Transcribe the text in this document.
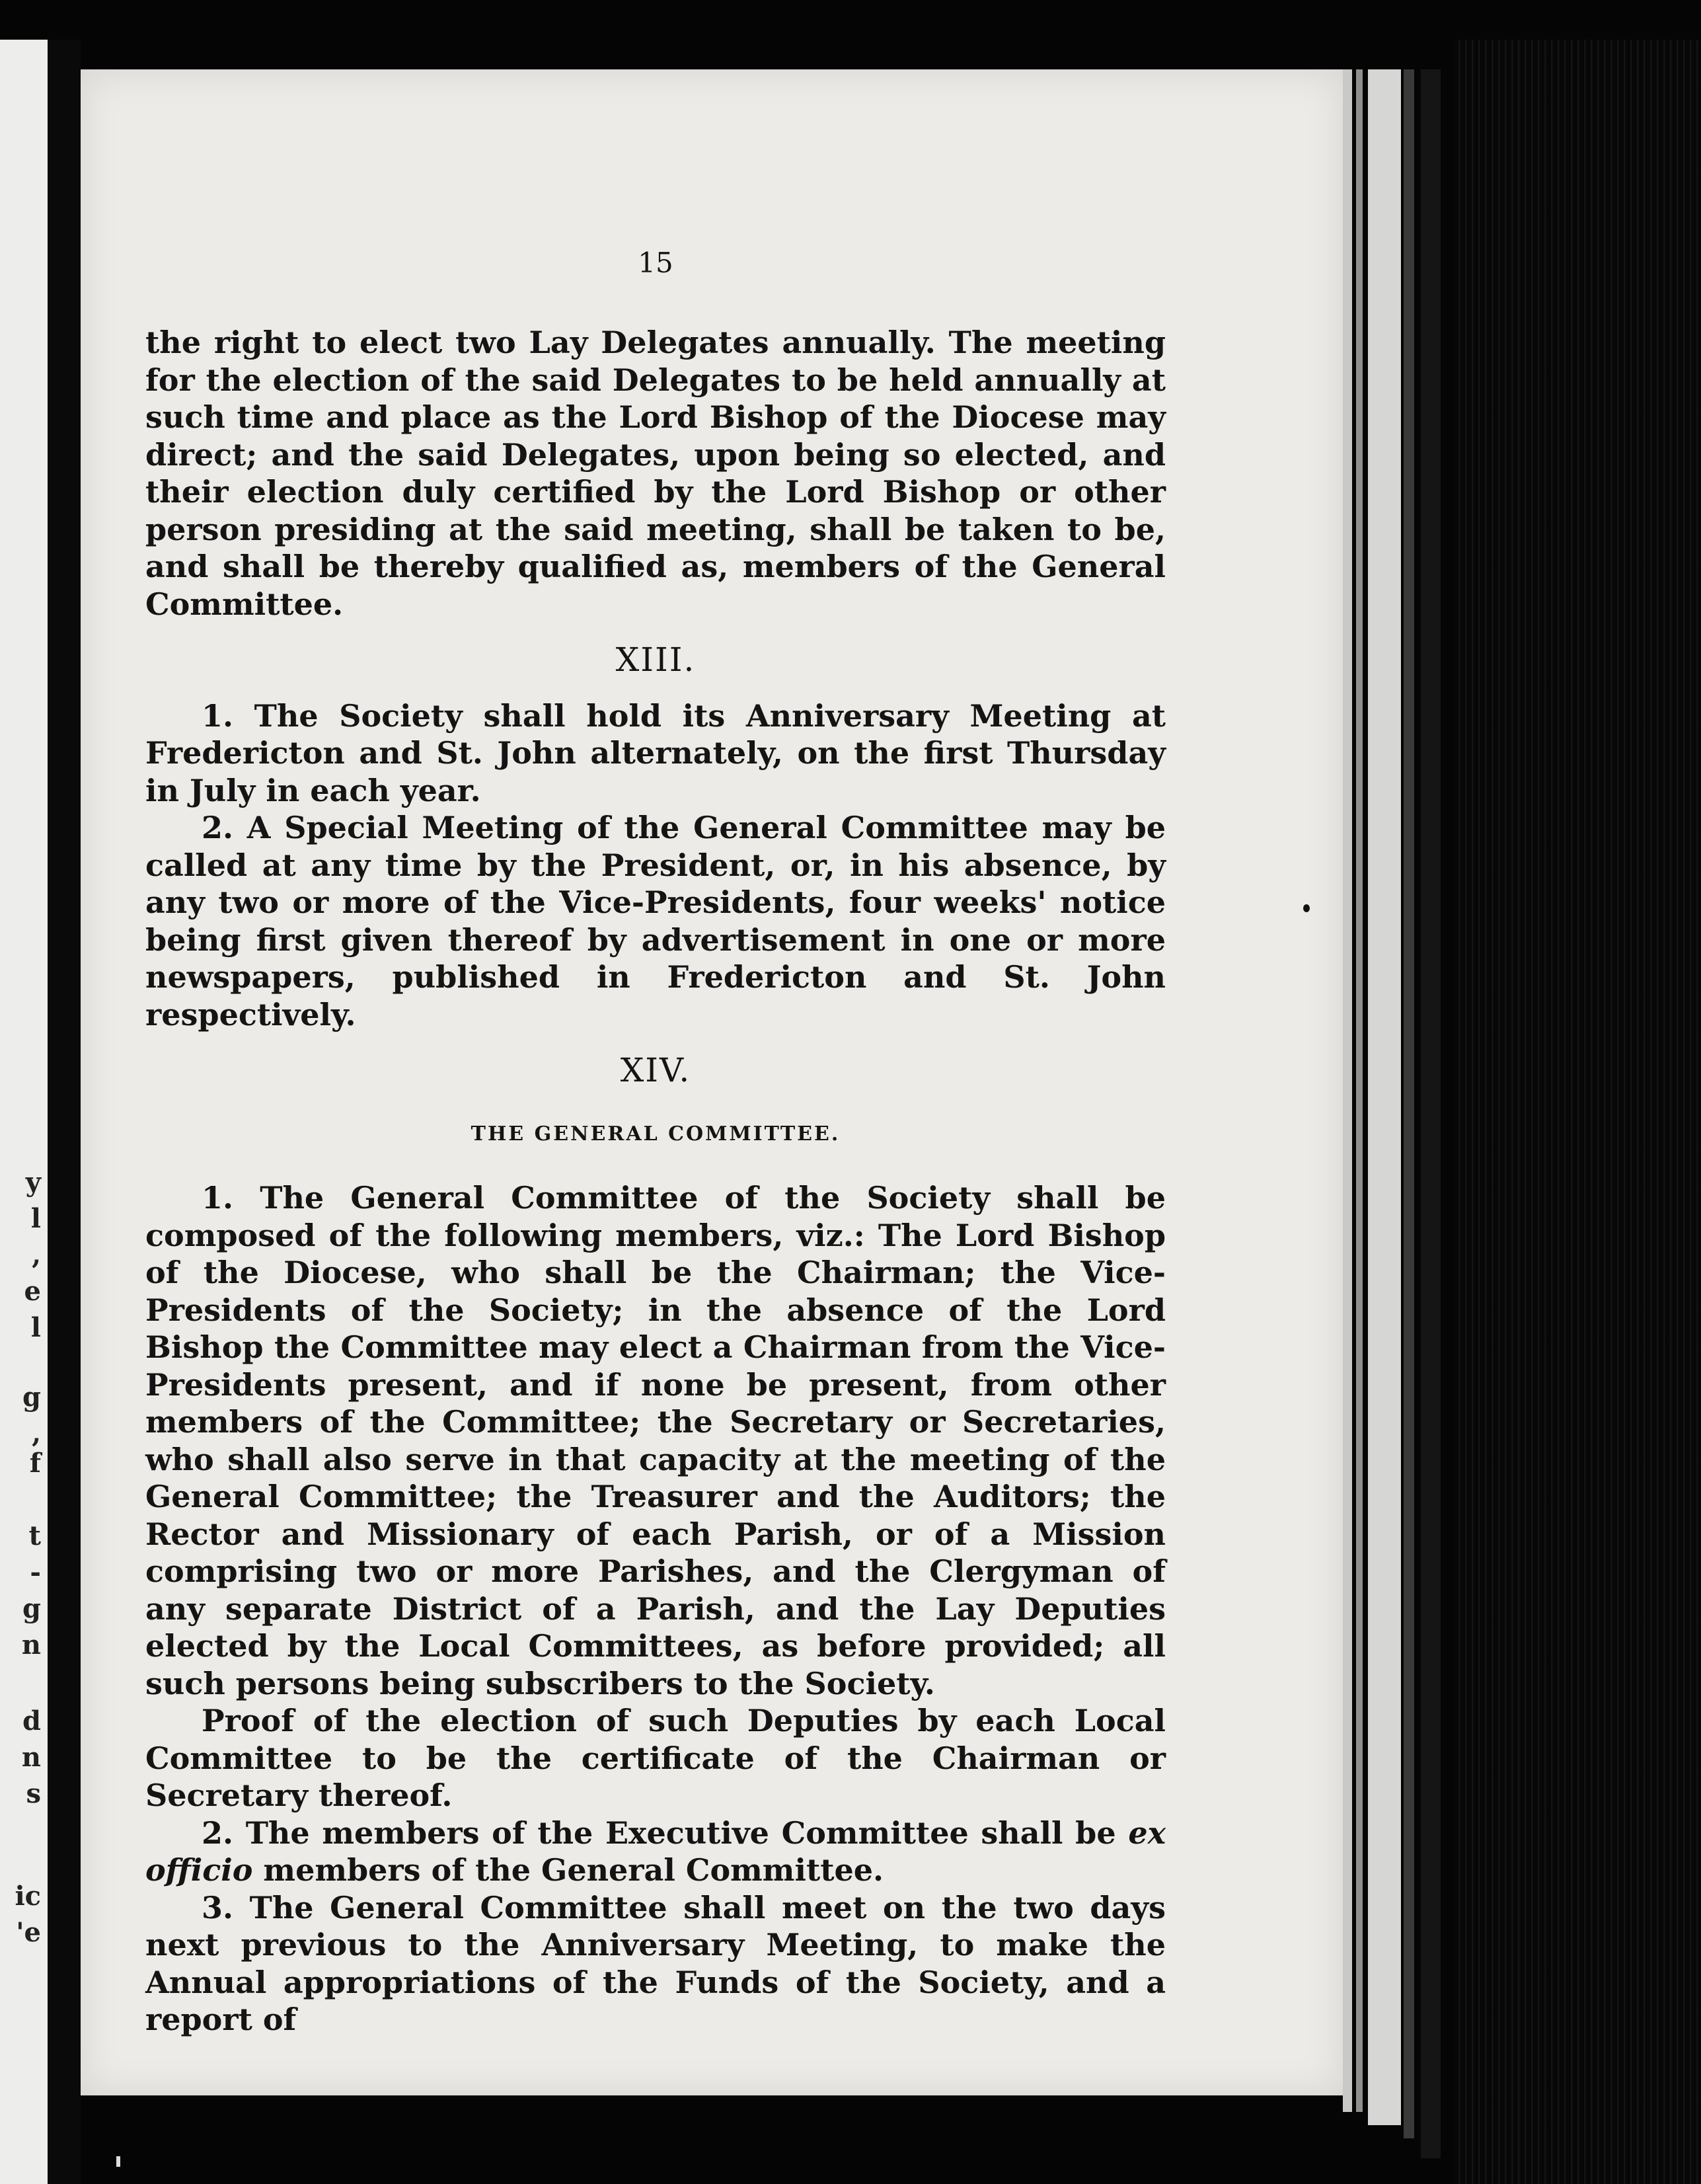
y
l
,
e
l
g
,
f
t
-
g
n
d
n
s
ic
'e
15

the right to elect two Lay Delegates annually. The meeting for the election of the said Delegates to be held annually at such time and place as the Lord Bishop of the Diocese may direct; and the said Delegates, upon being so elected, and their election duly certified by the Lord Bishop or other person presiding at the said meeting, shall be taken to be, and shall be thereby qualified as, members of the General Committee.

XIII.

1. The Society shall hold its Anniversary Meeting at Fredericton and St. John alternately, on the first Thursday in July in each year.

2. A Special Meeting of the General Committee may be called at any time by the President, or, in his absence, by any two or more of the Vice-Presidents, four weeks' notice being first given thereof by advertisement in one or more newspapers, published in Fredericton and St. John respectively.

XIV.
THE GENERAL COMMITTEE.

1. The General Committee of the Society shall be composed of the following members, viz.: The Lord Bishop of the Diocese, who shall be the Chairman; the Vice-Presidents of the Society; in the absence of the Lord Bishop the Committee may elect a Chairman from the Vice-Presidents present, and if none be present, from other members of the Committee; the Secretary or Secretaries, who shall also serve in that capacity at the meeting of the General Committee; the Treasurer and the Auditors; the Rector and Missionary of each Parish, or of a Mission comprising two or more Parishes, and the Clergyman of any separate District of a Parish, and the Lay Deputies elected by the Local Committees, as before provided; all such persons being subscribers to the Society.

Proof of the election of such Deputies by each Local Committee to be the certificate of the Chairman or Secretary thereof.

2. The members of the Executive Committee shall be ex officio members of the General Committee.

3. The General Committee shall meet on the two days next previous to the Anniversary Meeting, to make the Annual appropriations of the Funds of the Society, and a report of
